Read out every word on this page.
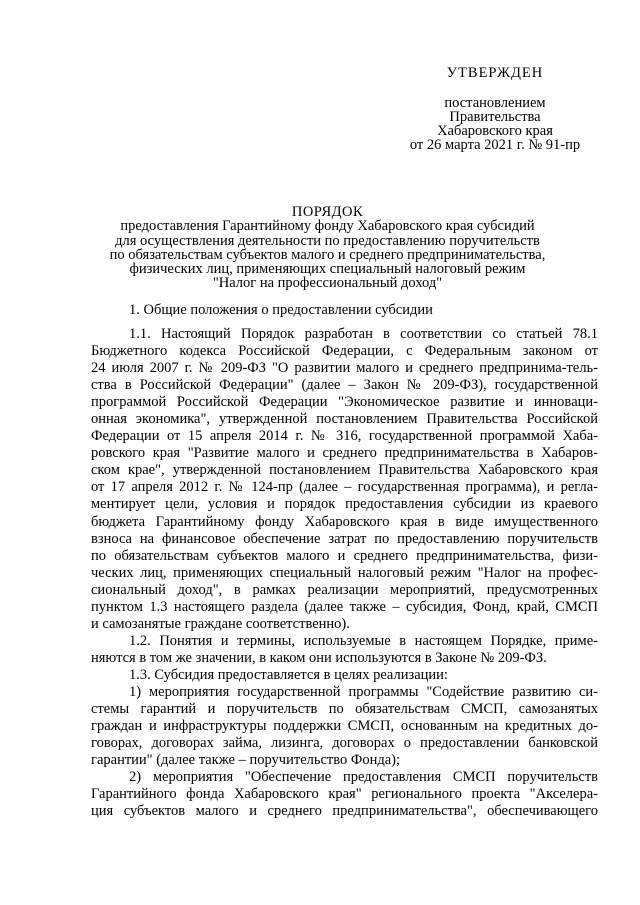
УТВЕРЖДЕН
постановлением
Правительства
Хабаровского края
от 26 марта 2021 г. № 91-пр
ПОРЯДОК
предоставления Гарантийному фонду Хабаровского края субсидий
для осуществления деятельности по предоставлению поручительств
по обязательствам субъектов малого и среднего предпринимательства,
физических лиц, применяющих специальный налоговый режим
"Налог на профессиональный доход"
1. Общие положения о предоставлении субсидии
1.1. Настоящий Порядок разработан в соответствии со статьей 78.1
Бюджетного кодекса Российской Федерации, с Федеральным законом от
24 июля 2007 г. № 209-ФЗ "О развитии малого и среднего предпринима-тель-
ства в Российской Федерации" (далее – Закон № 209-ФЗ), государственной
программой Российской Федерации "Экономическое развитие и инновaци-
онная экономика", утвержденной постановлением Правительства Российской
Федерации от 15 апреля 2014 г. № 316, государственной программой Хаба-
ровского края "Развитие малого и среднего предпринимательства в Хабаров-
ском крае", утвержденной постановлением Правительства Хабаровского края
от 17 апреля 2012 г. № 124-пр (далее – государственная программа), и регла-
ментирует цели, условия и порядок предоставления субсидии из краевого
бюджета Гарантийному фонду Хабаровского края в виде имущественного
взноса на финансовое обеспечение затрат по предоставлению поручительств
по обязательствам субъектов малого и среднего предпринимательства, физи-
ческих лиц, применяющих специальный налоговый режим "Налог на профес-
сиональный доход", в рамках реализации мероприятий, предусмотренных
пунктом 1.3 настоящего раздела (далее также – субсидия, Фонд, край, СМСП
и самозанятые граждане соответственно).
1.2. Понятия и термины, используемые в настоящем Порядке, приме-
няются в том же значении, в каком они используются в Законе № 209-ФЗ.
1.3. Субсидия предоставляется в целях реализации:
1) мероприятия государственной программы "Содействие развитию си-
стемы гарантий и поручительств по обязательствам СМСП, самозанятых
граждан и инфраструктуры поддержки СМСП, основанным на кредитных до-
говорах, договорах займа, лизинга, договорах о предоставлении банковской
гарантии" (далее также – поручительство Фонда);
2) мероприятия "Обеспечение предоставления СМСП поручительств
Гарантийного фонда Хабаровского края" регионального проекта "Акселера-
ция субъектов малого и среднего предпринимательства", обеспечивающего
